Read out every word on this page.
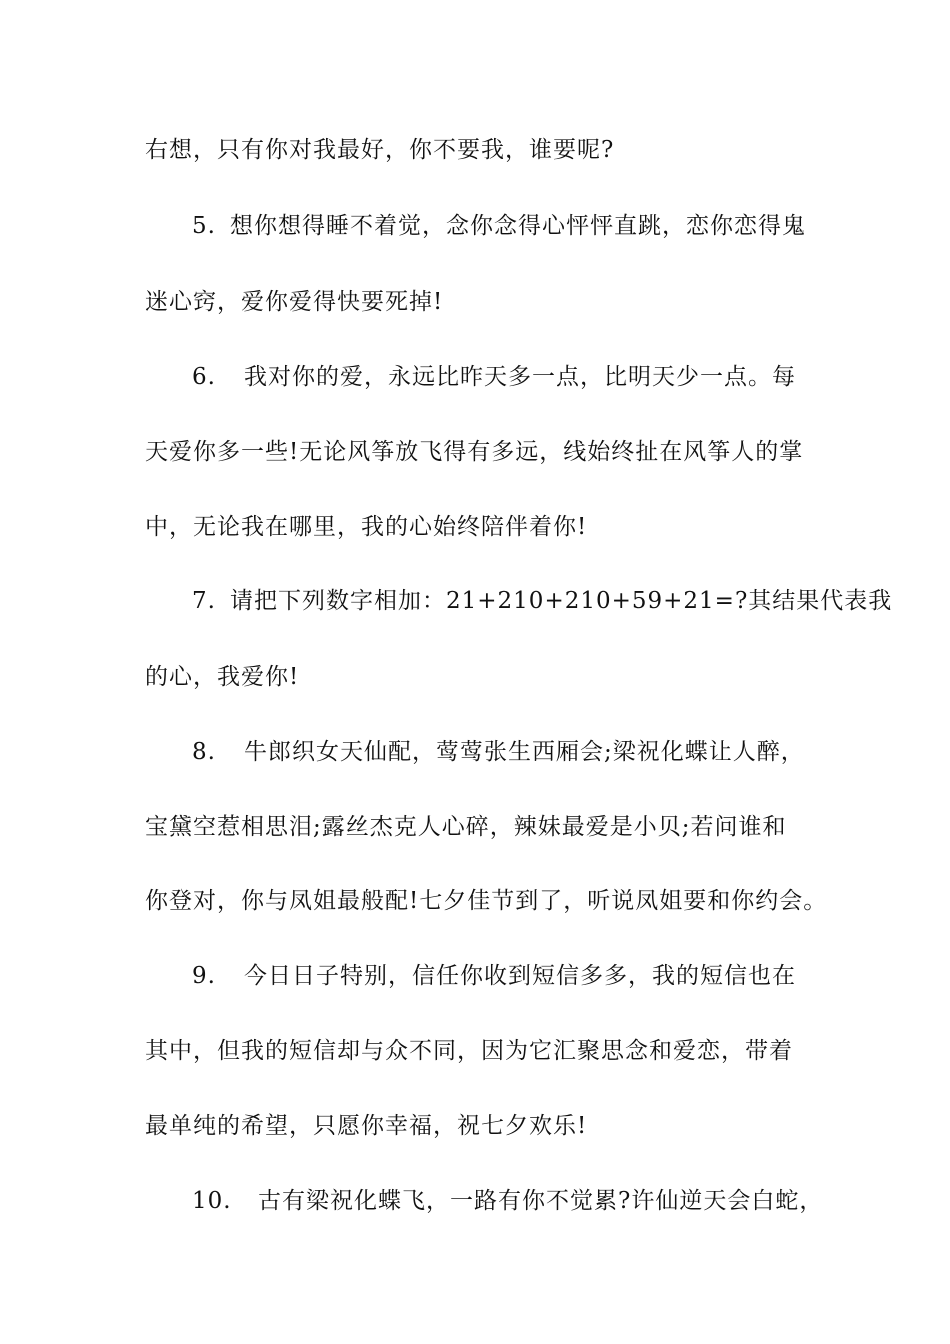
右想，只有你对我最好，你不要我，谁要呢?
5. 想你想得睡不着觉，念你念得心怦怦直跳，恋你恋得鬼
迷心窍，爱你爱得快要死掉!
6. 我对你的爱，永远比昨天多一点，比明天少一点。每
天爱你多一些!无论风筝放飞得有多远，线始终扯在风筝人的掌
中，无论我在哪里，我的心始终陪伴着你!
7. 请把下列数字相加：21+210+210+59+21=?其结果代表我
的心，我爱你!
8. 牛郎织女天仙配，莺莺张生西厢会;梁祝化蝶让人醉，
宝黛空惹相思泪;露丝杰克人心碎，辣妹最爱是小贝;若问谁和
你登对，你与凤姐最般配!七夕佳节到了，听说凤姐要和你约会。
9. 今日日子特别，信任你收到短信多多，我的短信也在
其中，但我的短信却与众不同，因为它汇聚思念和爱恋，带着
最单纯的希望，只愿你幸福，祝七夕欢乐!
10. 古有梁祝化蝶飞，一路有你不觉累?许仙逆天会白蛇，
